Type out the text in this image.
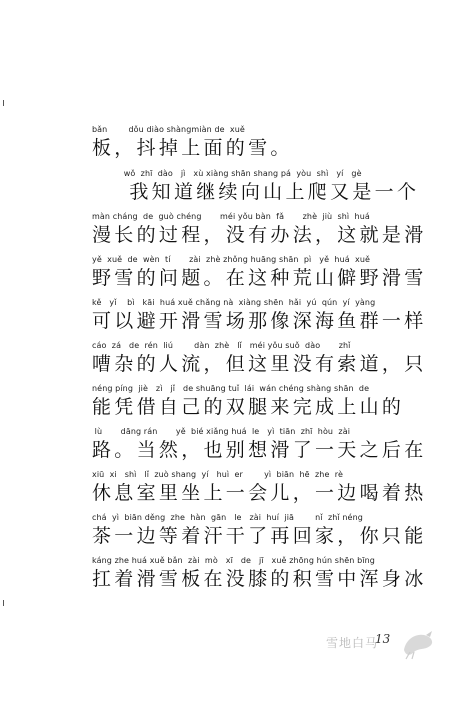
bǎn        dǒu diào shàngmiàn de  xuě
板，抖掉上面的雪。
wǒ  zhī  dào   jì   xù xiàng shān shang pá  yòu  shì   yí   gè
我知道继续向山上爬又是一个
màn cháng  de  guò chéng       méi yǒu bàn  fǎ       zhè  jiù  shì  huá
漫长的过程，没有办法，这就是滑
yě  xuě  de  wèn  tí       zài  zhè zhǒng huāng shān  pì   yě  huá  xuě
野雪的问题。在这种荒山僻野滑雪
kě   yǐ    bì   kāi  huá xuě chǎng nà  xiàng shēn  hǎi  yú  qún  yí  yàng
可以避开滑雪场那像深海鱼群一样
cáo  zá   de  rén  liú        dàn  zhè   lǐ   méi yǒu suǒ  dào       zhǐ
嘈杂的人流，但这里没有索道，只
néng píng  jiè   zì   jǐ   de shuāng tuǐ  lái  wán chéng shàng shān  de
能凭借自己的双腿来完成上山的
lù       dāng rán       yě  bié xiǎng huá  le   yì  tiān  zhī  hòu  zài
路。当然，也别想滑了一天之后在
xiū  xi   shì   lǐ  zuò shang  yí   huì  er        yì  biān  hē  zhe  rè
休息室里坐上一会儿，一边喝着热
chá  yì  biān děng  zhe  hàn  gān   le   zài  huí  jiā        nǐ  zhǐ néng
茶一边等着汗干了再回家，你只能
káng zhe huá xuě bǎn  zài  mò   xī   de   jī   xuě zhōng hún shēn bīng
扛着滑雪板在没膝的积雪中浑身冰
雪地白马
13
